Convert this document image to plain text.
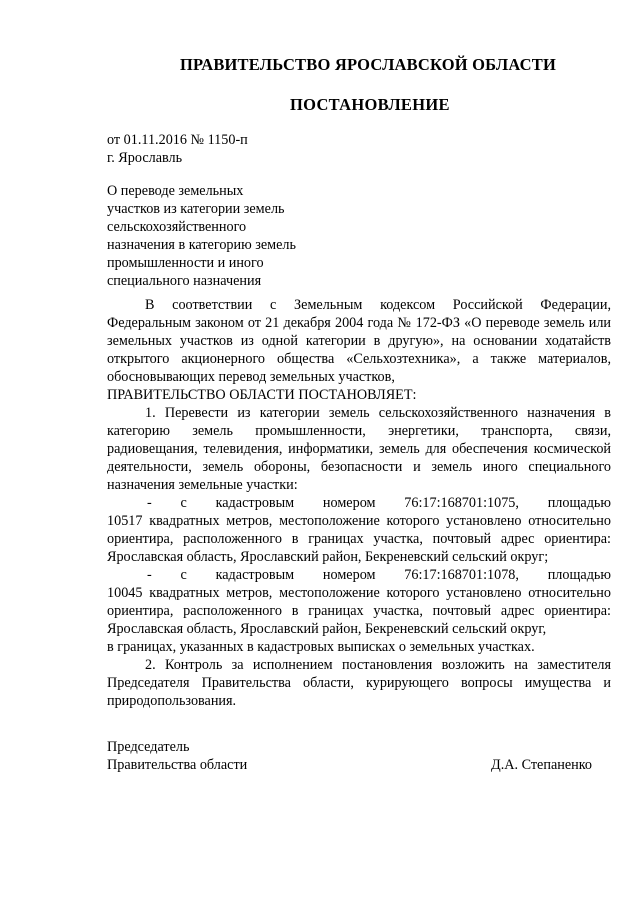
ПРАВИТЕЛЬСТВО ЯРОСЛАВСКОЙ ОБЛАСТИ
ПОСТАНОВЛЕНИЕ
от 01.11.2016 № 1150-п
г. Ярославль
О переводе земельных
участков из категории земель
сельскохозяйственного
назначения в категорию земель
промышленности и иного
специального назначения

В соответствии с Земельным кодексом Российской Федерации, Федеральным законом от 21 декабря 2004 года № 172-ФЗ «О переводе земель или земельных участков из одной категории в другую», на основании ходатайств открытого акционерного общества «Сельхозтехника», а также материалов, обосновывающих перевод земельных участков,

ПРАВИТЕЛЬСТВО ОБЛАСТИ ПОСТАНОВЛЯЕТ:

1. Перевести из категории земель сельскохозяйственного назначения в категорию земель промышленности, энергетики, транспорта, связи, радиовещания, телевидения, информатики, земель для обеспечения космической деятельности, земель обороны, безопасности и земель иного специального назначения земельные участки:

- с кадастровым номером 76:17:168701:1075, площадью

10517 квадратных метров, местоположение которого установлено относительно ориентира, расположенного в границах участка, почтовый адрес ориентира: Ярославская область, Ярославский район, Бекреневский сельский округ;

- с кадастровым номером 76:17:168701:1078, площадью

10045 квадратных метров, местоположение которого установлено относительно ориентира, расположенного в границах участка, почтовый адрес ориентира: Ярославская область, Ярославский район, Бекреневский сельский округ,

в границах, указанных в кадастровых выписках о земельных участках.

2. Контроль за исполнением постановления возложить на заместителя Председателя Правительства области, курирующего вопросы имущества и природопользования.

Председатель
Правительства области	Д.А. Степаненко
